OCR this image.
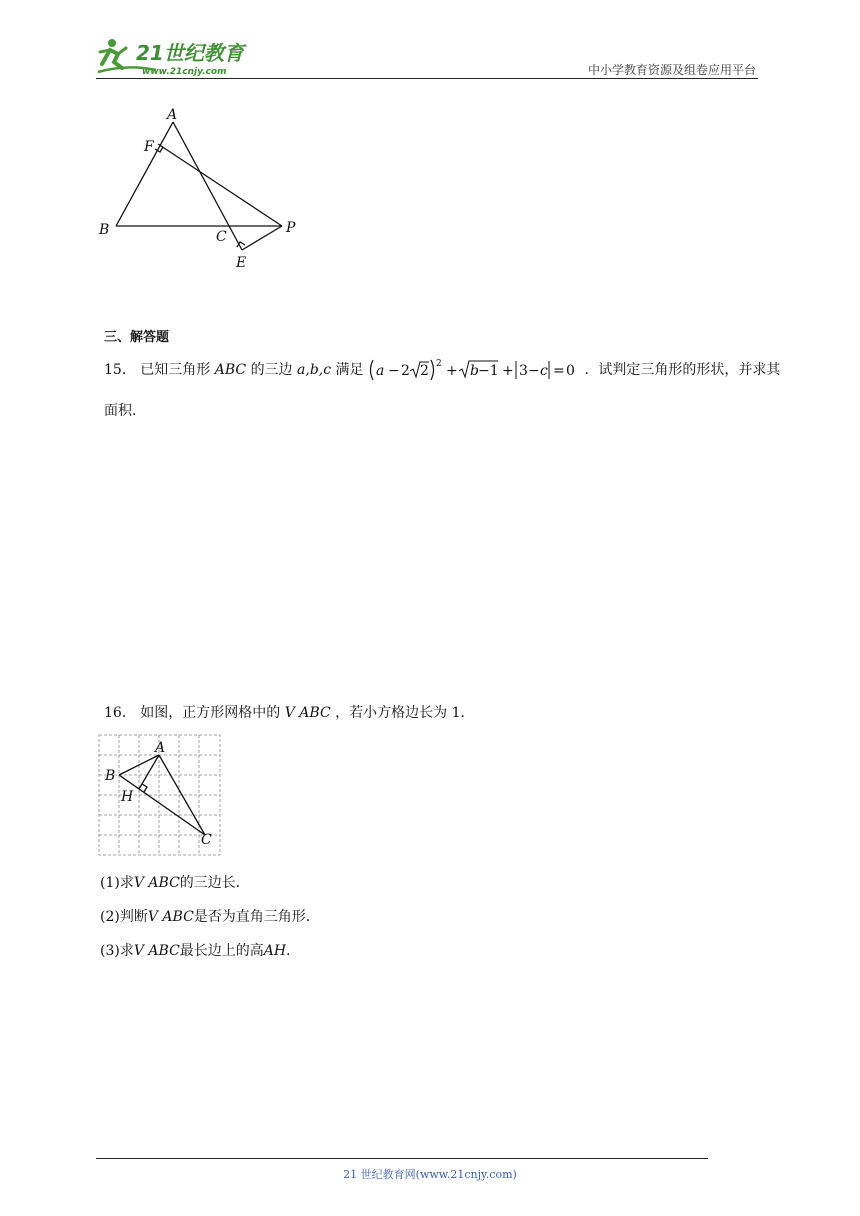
21世纪教育
www.21cnjy.com	中小学教育资源及组卷应用平台
A
F
B	C
P
E
三、解答题
15． 已知三角形 ABC 的三边 a,b,c 满足 a − 2 2 2 + b −1 + 3 − c = 0 ．试判定三角形的形状，并求其
面积．
16． 如图，正方形网格中的 V ABC ，若小方格边长为 1．
A
B
H
C
(1)求V ABC的三边长．
(2)判断V ABC是否为直角三角形．
(3)求V ABC最长边上的高AH．
21 世纪教育网(www.21cnjy.com)
